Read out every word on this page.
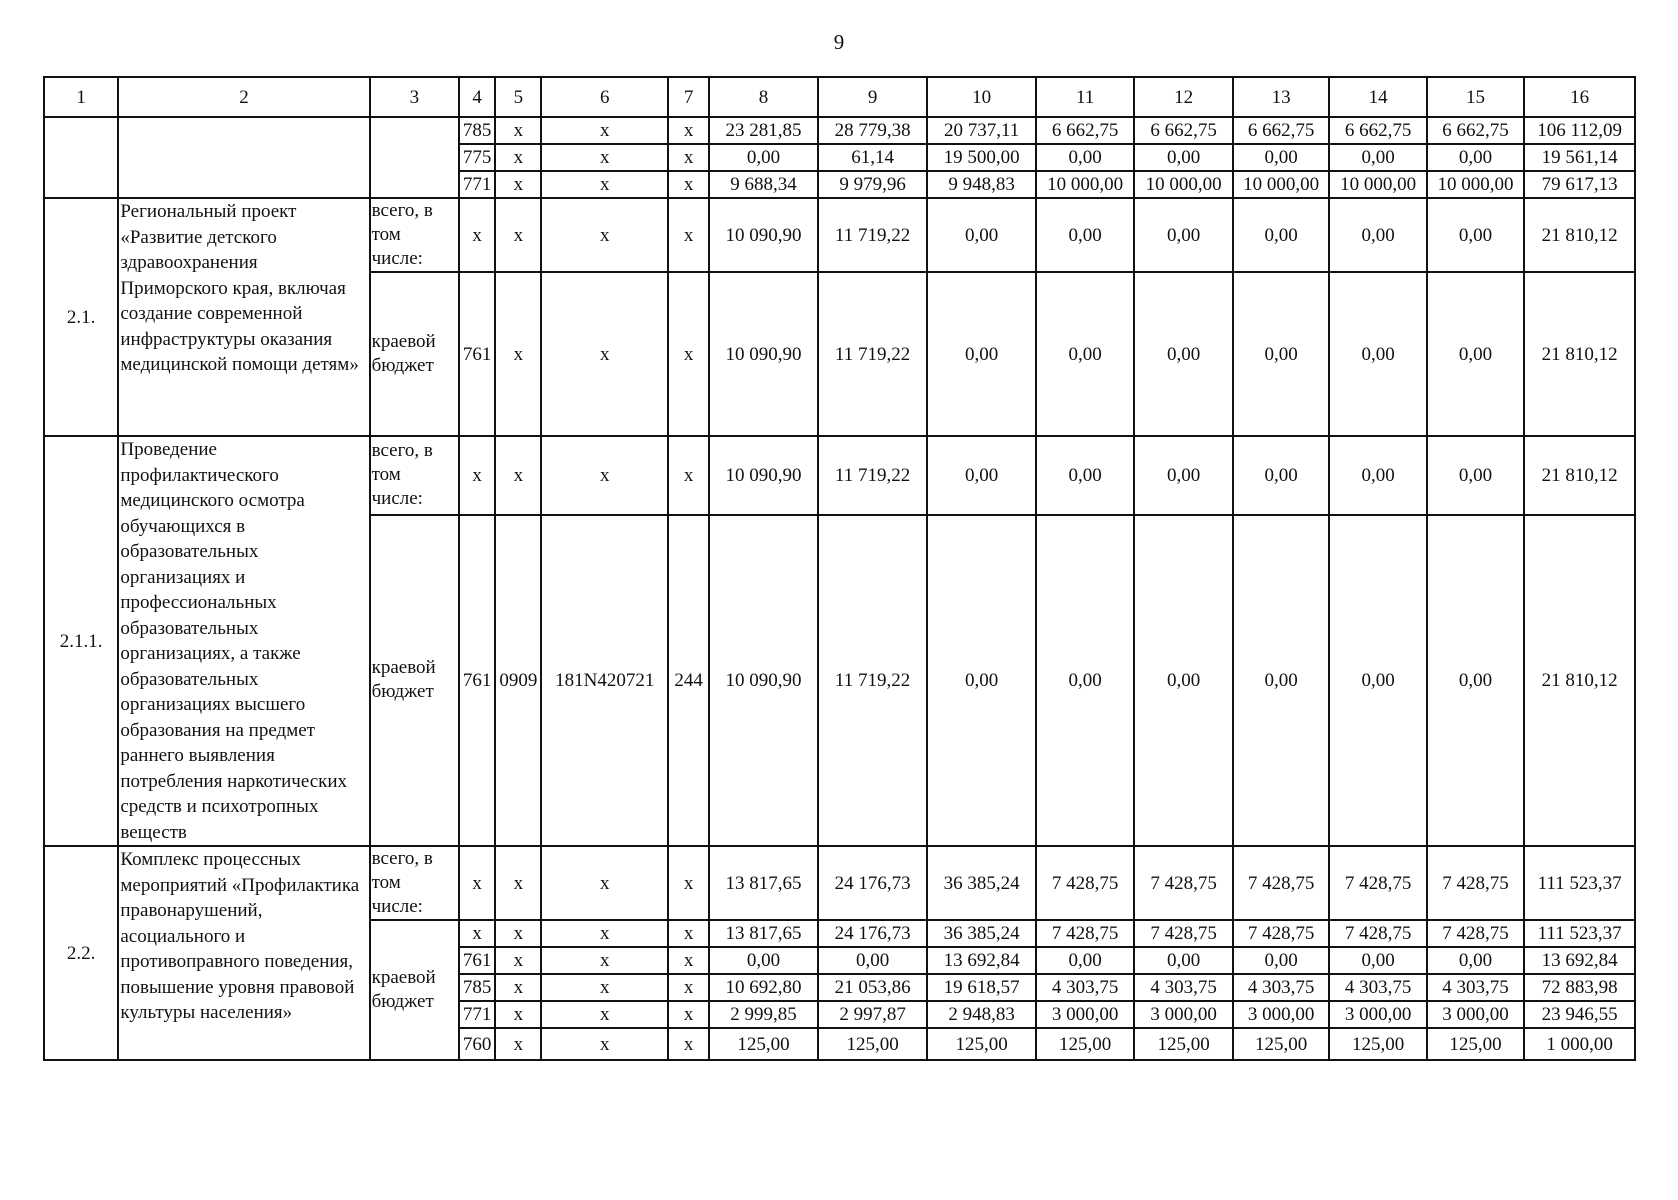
9
1	2	3	4	5	6	7	8	9	10	11	12	13	14	15	16
			785	x	x	x	23 281,85	28 779,38	20 737,11	6 662,75	6 662,75	6 662,75	6 662,75	6 662,75	106 112,09
			775	x	x	x	0,00	61,14	19 500,00	0,00	0,00	0,00	0,00	0,00	19 561,14
			771	x	x	x	9 688,34	9 979,96	9 948,83	10 000,00	10 000,00	10 000,00	10 000,00	10 000,00	79 617,13
2.1.	Региональный проект «Развитие детского здравоохранения Приморского края, включая создание современной инфраструктуры оказания медицинской помощи детям»	всего, в том числе:	x	x	x	x	10 090,90	11 719,22	0,00	0,00	0,00	0,00	0,00	0,00	21 810,12
		краевой бюджет	761	x	x	x	10 090,90	11 719,22	0,00	0,00	0,00	0,00	0,00	0,00	21 810,12
2.1.1.	Проведение профилактического медицинского осмотра обучающихся в образовательных организациях и профессиональных образовательных организациях, а также образовательных организациях высшего образования на предмет раннего выявления потребления наркотических средств и психотропных веществ	всего, в том числе:	x	x	x	x	10 090,90	11 719,22	0,00	0,00	0,00	0,00	0,00	0,00	21 810,12
		краевой бюджет	761	0909	181N420721	244	10 090,90	11 719,22	0,00	0,00	0,00	0,00	0,00	0,00	21 810,12
2.2.	Комплекс процессных мероприятий «Профилактика правонарушений, асоциального и противоправного поведения, повышение уровня правовой культуры населения»	всего, в том числе:	x	x	x	x	13 817,65	24 176,73	36 385,24	7 428,75	7 428,75	7 428,75	7 428,75	7 428,75	111 523,37
		краевой бюджет	x	x	x	x	13 817,65	24 176,73	36 385,24	7 428,75	7 428,75	7 428,75	7 428,75	7 428,75	111 523,37
			761	x	x	x	0,00	0,00	13 692,84	0,00	0,00	0,00	0,00	0,00	13 692,84
			785	x	x	x	10 692,80	21 053,86	19 618,57	4 303,75	4 303,75	4 303,75	4 303,75	4 303,75	72 883,98
			771	x	x	x	2 999,85	2 997,87	2 948,83	3 000,00	3 000,00	3 000,00	3 000,00	3 000,00	23 946,55
			760	x	x	x	125,00	125,00	125,00	125,00	125,00	125,00	125,00	125,00	1 000,00
